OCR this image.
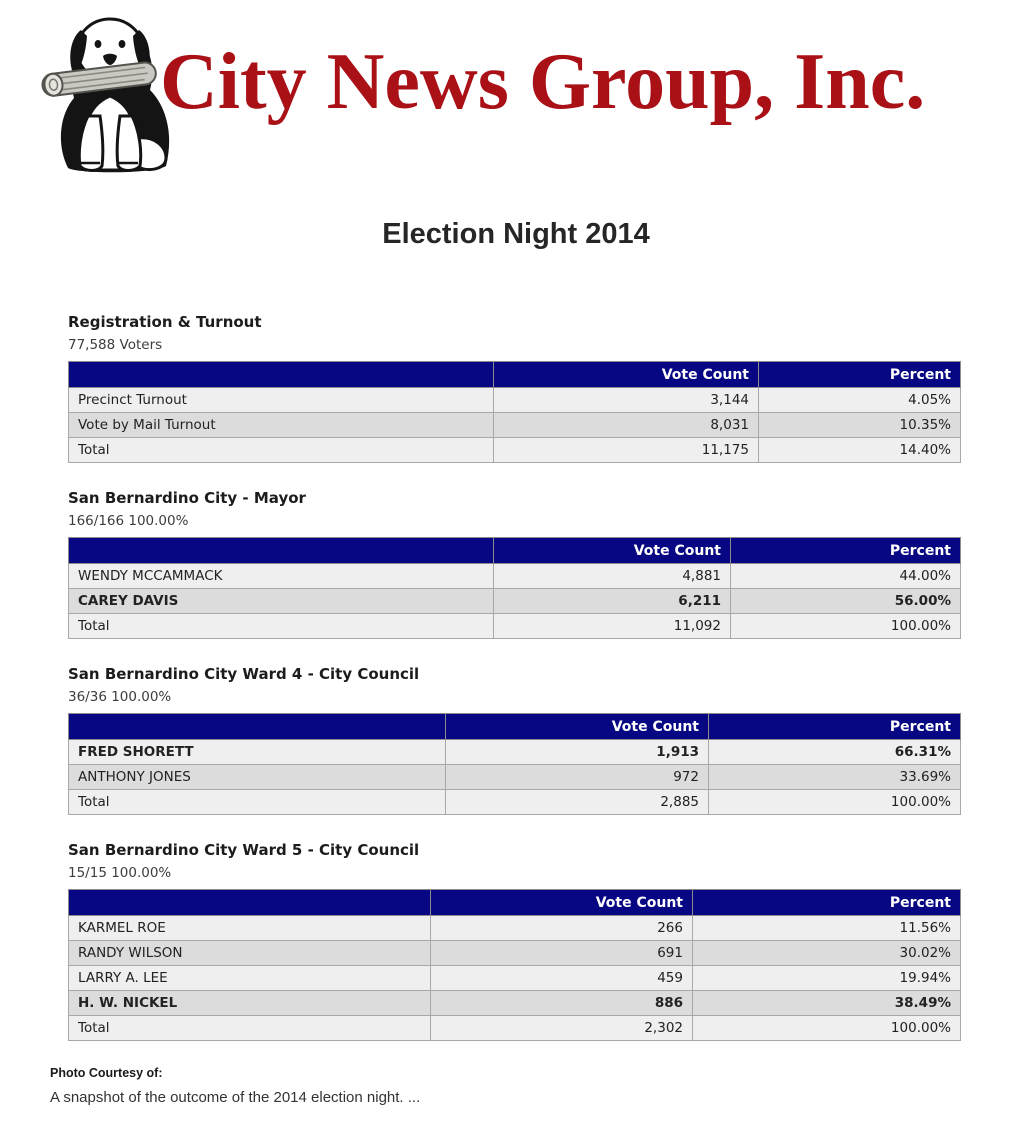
City News Group, Inc.
Election Night 2014
Registration & Turnout
77,588 Voters
	Vote Count	Percent
Precinct Turnout	3,144	4.05%
Vote by Mail Turnout	8,031	10.35%
Total	11,175	14.40%
San Bernardino City - Mayor
166/166 100.00%
	Vote Count	Percent
WENDY MCCAMMACK	4,881	44.00%
CAREY DAVIS	6,211	56.00%
Total	11,092	100.00%
San Bernardino City Ward 4 - City Council
36/36 100.00%
	Vote Count	Percent
FRED SHORETT	1,913	66.31%
ANTHONY JONES	972	33.69%
Total	2,885	100.00%
San Bernardino City Ward 5 - City Council
15/15 100.00%
	Vote Count	Percent
KARMEL ROE	266	11.56%
RANDY WILSON	691	30.02%
LARRY A. LEE	459	19.94%
H. W. NICKEL	886	38.49%
Total	2,302	100.00%
Photo Courtesy of:
A snapshot of the outcome of the 2014 election night. ...
